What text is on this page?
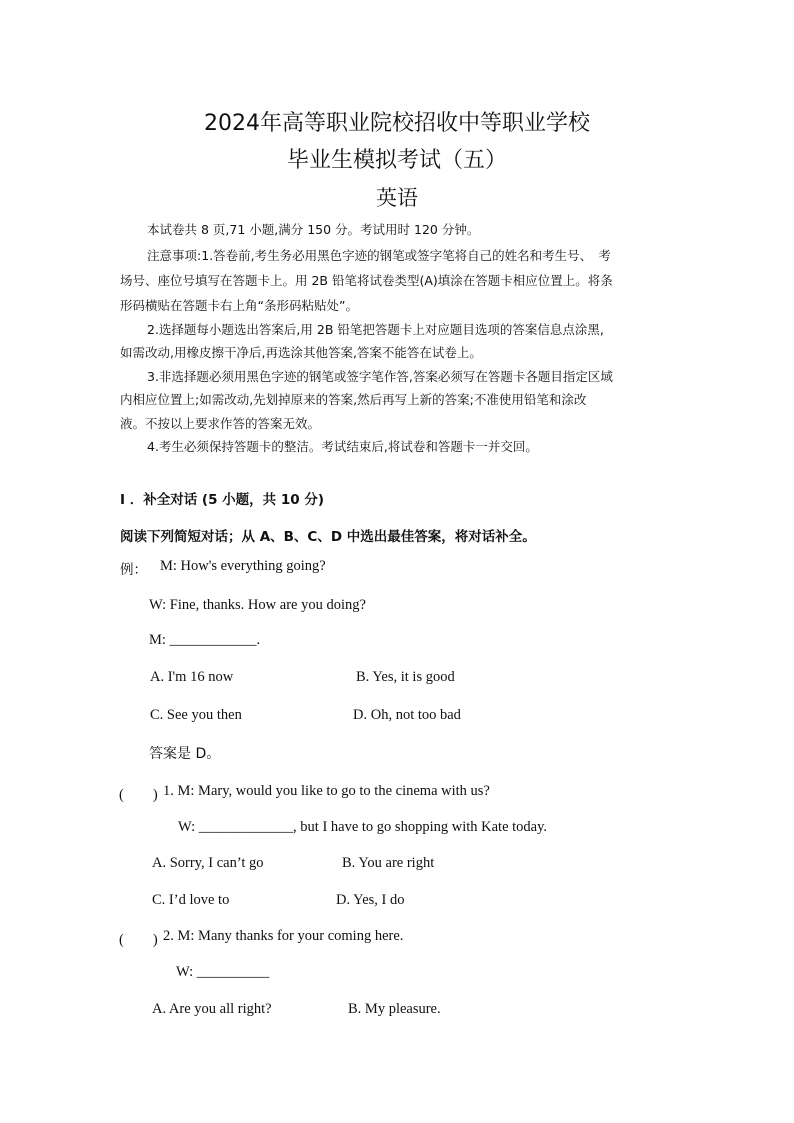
2024年高等职业院校招收中等职业学校
毕业生模拟考试（五）
英语
本试卷共 8 页,71 小题,满分 150 分。考试用时 120 分钟。
注意事项:1.答卷前,考生务必用黑色字迹的钢笔或签字笔将自己的姓名和考生号、　考
场号、座位号填写在答题卡上。用 2B 铅笔将试卷类型(A)填涂在答题卡相应位置上。将条
形码横贴在答题卡右上角“条形码粘贴处”。
2.选择题每小题选出答案后,用 2B 铅笔把答题卡上对应题目选项的答案信息点涂黑,
如需改动,用橡皮擦干净后,再选涂其他答案,答案不能答在试卷上。
3.非选择题必须用黑色字迹的钢笔或签字笔作答,答案必须写在答题卡各题目指定区域
内相应位置上;如需改动,先划掉原来的答案,然后再写上新的答案;不准使用铅笔和涂改
液。不按以上要求作答的答案无效。
4.考生必须保持答题卡的整洁。考试结束后,将试卷和答题卡一并交回。
Ⅰ ．补全对话 (5 小题，共 10 分)
阅读下列简短对话；从 A、B、C、D 中选出最佳答案，将对话补全。
例： M: How's everything going?
W: Fine, thanks. How are you doing?
M: ____________.
A. I'm 16 now	B. Yes, it is good
C. See you then	D. Oh, not too bad
答案是 D。
(　　) 1. M: Mary, would you like to go to the cinema with us?
W: _____________, but I have to go shopping with Kate today.
A. Sorry, I can’t go	B. You are right
C. I’d love to	D. Yes, I do
(　　) 2. M: Many thanks for your coming here.
W: __________
A. Are you all right?	B. My pleasure.
